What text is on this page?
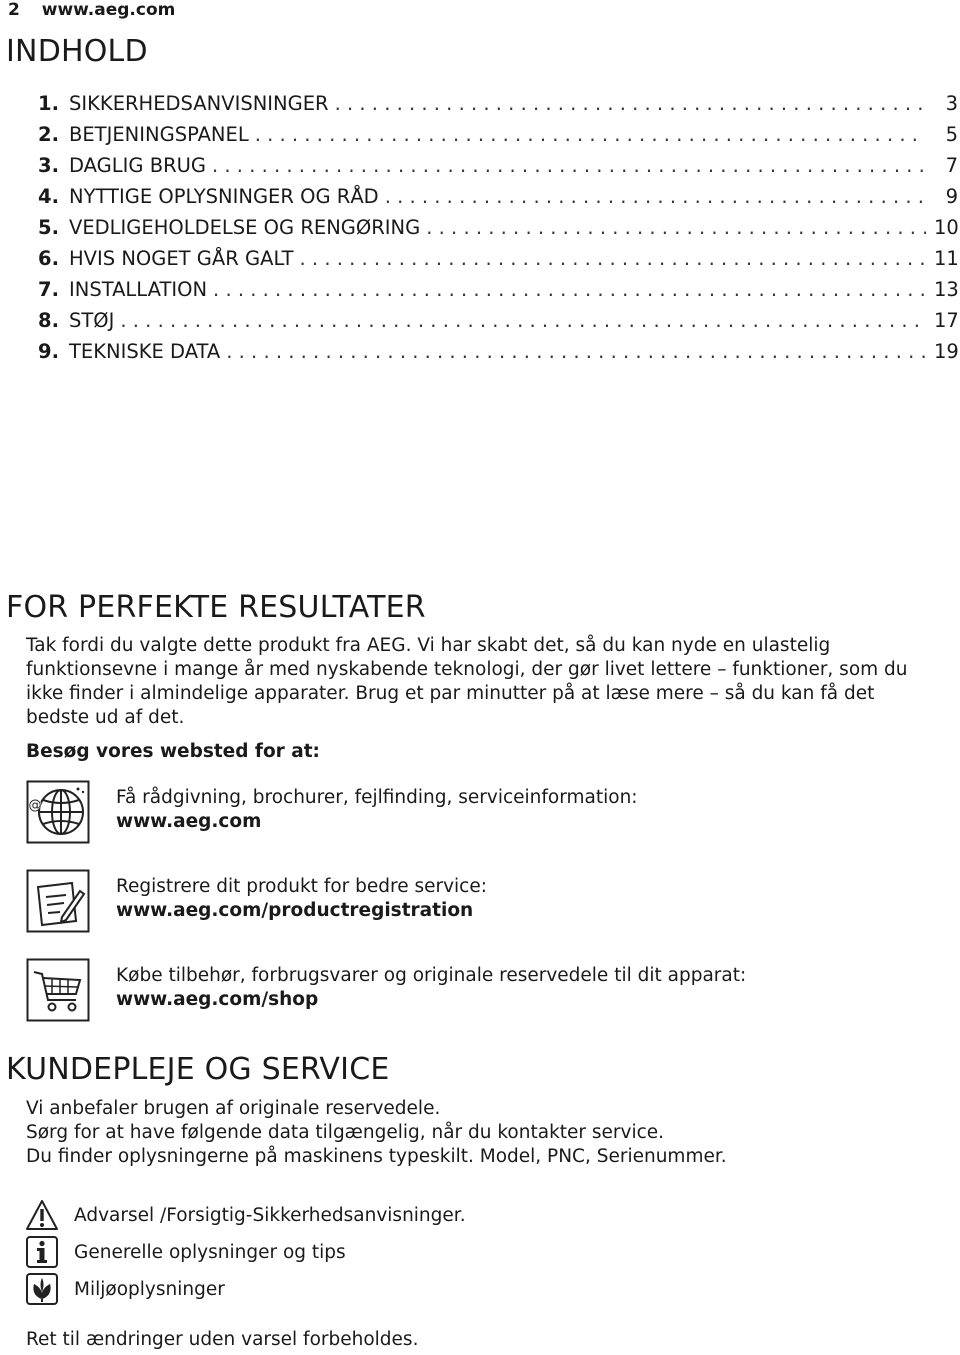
2 www.aeg.com
INDHOLD
1. SIKKERHEDSANVISNINGER . . .	3
2. BETJENINGSPANEL . . .	5
3. DAGLIG BRUG . . .	7
4. NYTTIGE OPLYSNINGER OG RÅD . . .	9
5. VEDLIGEHOLDELSE OG RENGØRING . . .	10
6. HVIS NOGET GÅR GALT . . .	11
7. INSTALLATION . . .	13
8. STØJ . . .	17
9. TEKNISKE DATA . . .	19
FOR PERFEKTE RESULTATER
Tak fordi du valgte dette produkt fra AEG. Vi har skabt det, så du kan nyde en ulastelig
funktionsevne i mange år med nyskabende teknologi, der gør livet lettere – funktioner, som du
ikke finder i almindelige apparater. Brug et par minutter på at læse mere – så du kan få det
bedste ud af det.
Besøg vores websted for at:
@	Få rådgivning, brochurer, fejlfinding, serviceinformation:
www.aeg.com
Registrere dit produkt for bedre service:
www.aeg.com/productregistration
Købe tilbehør, forbrugsvarer og originale reservedele til dit apparat:
www.aeg.com/shop
KUNDEPLEJE OG SERVICE
Vi anbefaler brugen af originale reservedele.
Sørg for at have følgende data tilgængelig, når du kontakter service.
Du finder oplysningerne på maskinens typeskilt. Model, PNC, Serienummer.
Advarsel /Forsigtig-Sikkerhedsanvisninger.
Generelle oplysninger og tips
Miljøoplysninger
Ret til ændringer uden varsel forbeholdes.
